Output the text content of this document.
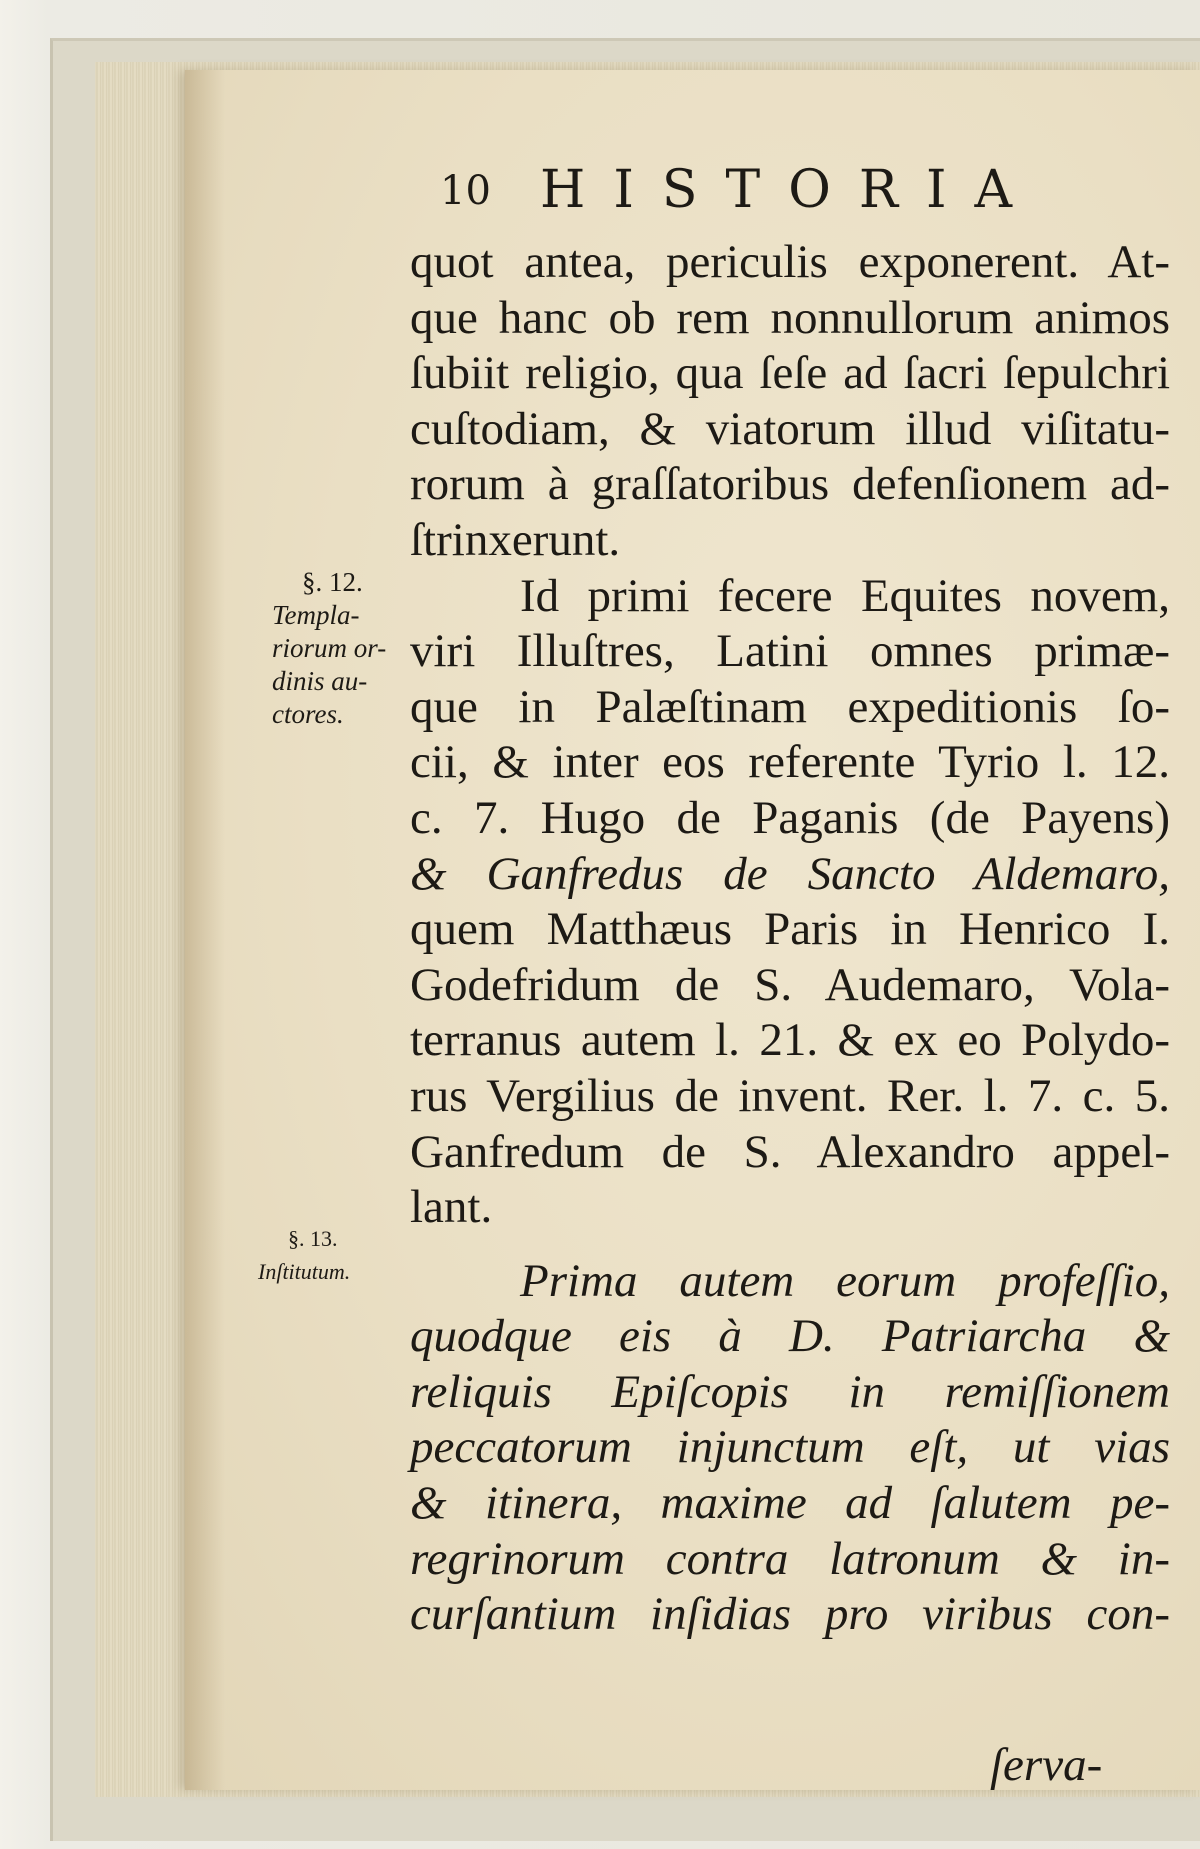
10 HISTORIA
§. 12.
Templa-
riorum or-
dinis au-
ctores.
§. 13.
Inſtitutum.
quot antea, periculis exponerent. At-
que hanc ob rem nonnullorum animos
ſubiit religio, qua ſeſe ad ſacri ſepulchri
cuſtodiam, & viatorum illud viſitatu-
rorum à graſſatoribus defenſionem ad-
ſtrinxerunt.
Id primi fecere Equites novem,
viri Illuſtres, Latini omnes primæ-
que in Palæſtinam expeditionis ſo-
cii, & inter eos referente Tyrio l. 12.
c. 7. Hugo de Paganis (de Payens)
& Ganfredus de Sancto Aldemaro,
quem Matthæus Paris in Henrico I.
Godefridum de S. Audemaro, Vola-
terranus autem l. 21. & ex eo Polydo-
rus Vergilius de invent. Rer. l. 7. c. 5.
Ganfredum de S. Alexandro appel-
lant.
Prima autem eorum profeſſio,
quodque eis à D. Patriarcha &
reliquis Epiſcopis in remiſſionem
peccatorum injunctum eſt, ut vias
& itinera, maxime ad ſalutem pe-
regrinorum contra latronum & in-
curſantium inſidias pro viribus con-
ſerva-
